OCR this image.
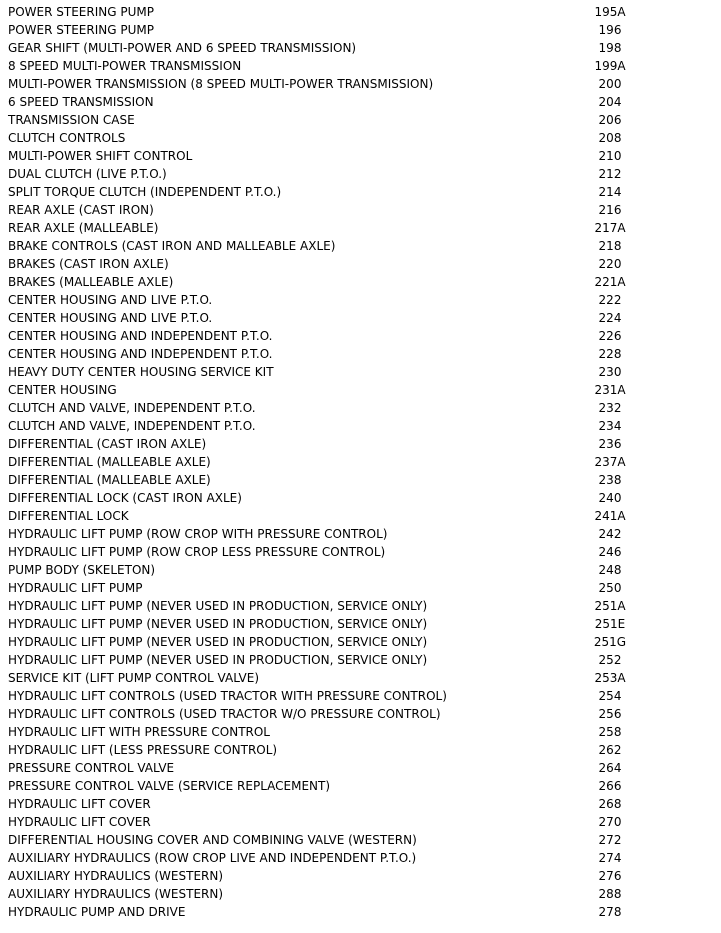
POWER STEERING PUMP	195A
POWER STEERING PUMP	196
GEAR SHIFT (MULTI-POWER AND 6 SPEED TRANSMISSION)	198
8 SPEED MULTI-POWER TRANSMISSION	199A
MULTI-POWER TRANSMISSION (8 SPEED MULTI-POWER TRANSMISSION)	200
6 SPEED TRANSMISSION	204
TRANSMISSION CASE	206
CLUTCH CONTROLS	208
MULTI-POWER SHIFT CONTROL	210
DUAL CLUTCH (LIVE P.T.O.)	212
SPLIT TORQUE CLUTCH (INDEPENDENT P.T.O.)	214
REAR AXLE (CAST IRON)	216
REAR AXLE (MALLEABLE)	217A
BRAKE CONTROLS (CAST IRON AND MALLEABLE AXLE)	218
BRAKES (CAST IRON AXLE)	220
BRAKES (MALLEABLE AXLE)	221A
CENTER HOUSING AND LIVE P.T.O.	222
CENTER HOUSING AND LIVE P.T.O.	224
CENTER HOUSING AND INDEPENDENT P.T.O.	226
CENTER HOUSING AND INDEPENDENT P.T.O.	228
HEAVY DUTY CENTER HOUSING SERVICE KIT	230
CENTER HOUSING	231A
CLUTCH AND VALVE, INDEPENDENT P.T.O.	232
CLUTCH AND VALVE, INDEPENDENT P.T.O.	234
DIFFERENTIAL (CAST IRON AXLE)	236
DIFFERENTIAL (MALLEABLE AXLE)	237A
DIFFERENTIAL (MALLEABLE AXLE)	238
DIFFERENTIAL LOCK (CAST IRON AXLE)	240
DIFFERENTIAL LOCK	241A
HYDRAULIC LIFT PUMP (ROW CROP WITH PRESSURE CONTROL)	242
HYDRAULIC LIFT PUMP (ROW CROP LESS PRESSURE CONTROL)	246
PUMP BODY (SKELETON)	248
HYDRAULIC LIFT PUMP	250
HYDRAULIC LIFT PUMP (NEVER USED IN PRODUCTION, SERVICE ONLY)	251A
HYDRAULIC LIFT PUMP (NEVER USED IN PRODUCTION, SERVICE ONLY)	251E
HYDRAULIC LIFT PUMP (NEVER USED IN PRODUCTION, SERVICE ONLY)	251G
HYDRAULIC LIFT PUMP (NEVER USED IN PRODUCTION, SERVICE ONLY)	252
SERVICE KIT (LIFT PUMP CONTROL VALVE)	253A
HYDRAULIC LIFT CONTROLS (USED TRACTOR WITH PRESSURE CONTROL)	254
HYDRAULIC LIFT CONTROLS (USED TRACTOR W/O PRESSURE CONTROL)	256
HYDRAULIC LIFT WITH PRESSURE CONTROL	258
HYDRAULIC LIFT (LESS PRESSURE CONTROL)	262
PRESSURE CONTROL VALVE	264
PRESSURE CONTROL VALVE (SERVICE REPLACEMENT)	266
HYDRAULIC LIFT COVER	268
HYDRAULIC LIFT COVER	270
DIFFERENTIAL HOUSING COVER AND COMBINING VALVE (WESTERN)	272
AUXILIARY HYDRAULICS (ROW CROP LIVE AND INDEPENDENT P.T.O.)	274
AUXILIARY HYDRAULICS (WESTERN)	276
AUXILIARY HYDRAULICS (WESTERN)	288
HYDRAULIC PUMP AND DRIVE	278
